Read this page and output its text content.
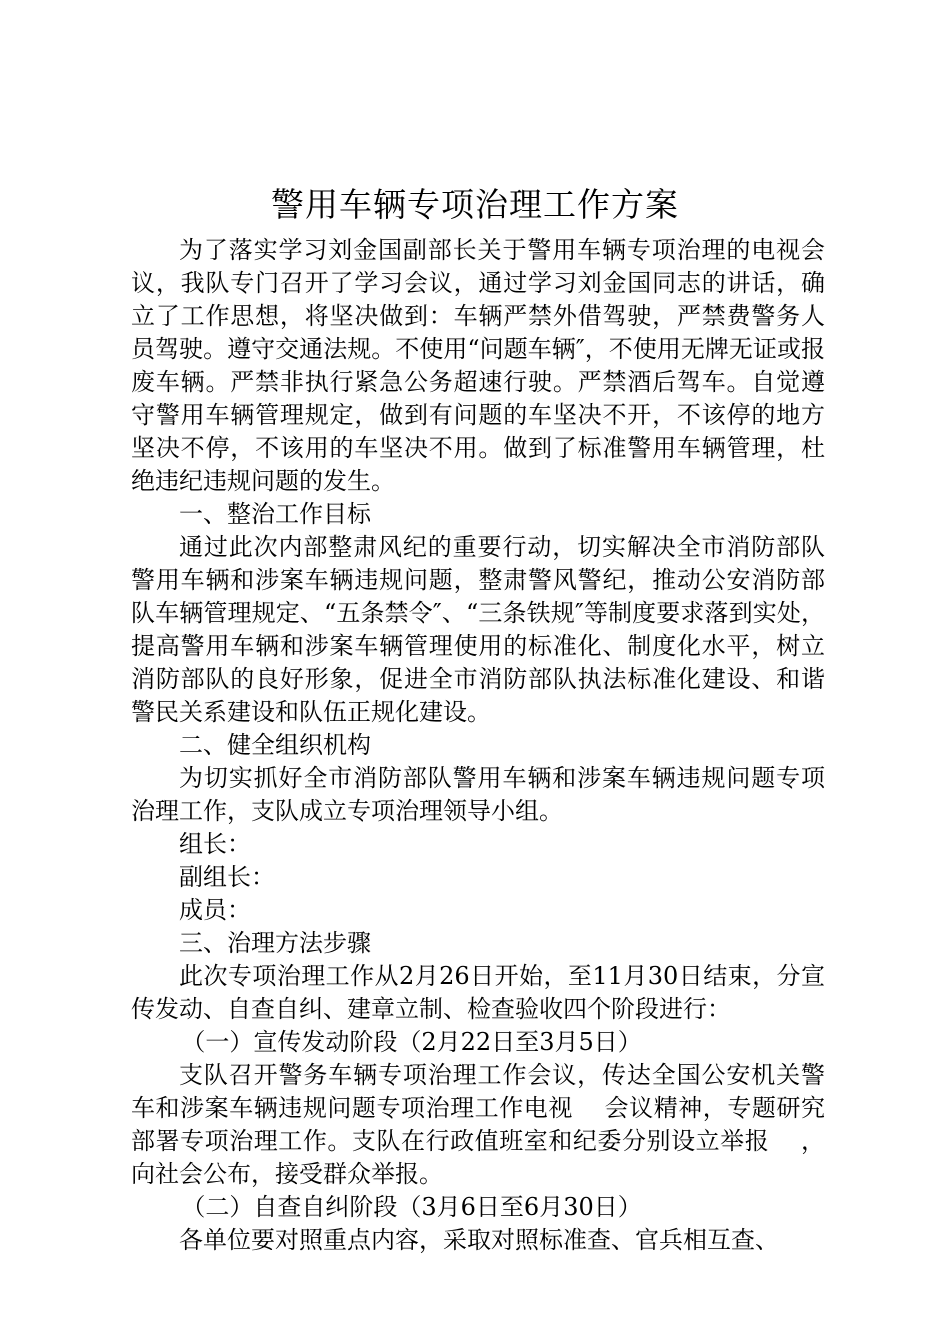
警用车辆专项治理工作方案

为了落实学习刘金国副部长关于警用车辆专项治理的电视会议，我队专门召开了学习会议，通过学习刘金国同志的讲话，确立了工作思想，将坚决做到：车辆严禁外借驾驶，严禁费警务人员驾驶。遵守交通法规。不使用“问题车辆″，不使用无牌无证或报废车辆。严禁非执行紧急公务超速行驶。严禁酒后驾车。自觉遵守警用车辆管理规定，做到有问题的车坚决不开，不该停的地方坚决不停，不该用的车坚决不用。做到了标准警用车辆管理，杜绝违纪违规问题的发生。

一、整治工作目标

通过此次内部整肃风纪的重要行动，切实解决全市消防部队警用车辆和涉案车辆违规问题，整肃警风警纪，推动公安消防部队车辆管理规定、“五条禁令″、“三条铁规″等制度要求落到实处，提高警用车辆和涉案车辆管理使用的标准化、制度化水平，树立消防部队的良好形象，促进全市消防部队执法标准化建设、和谐警民关系建设和队伍正规化建设。

二、健全组织机构

为切实抓好全市消防部队警用车辆和涉案车辆违规问题专项治理工作，支队成立专项治理领导小组。

组长：

副组长：

成员：

三、治理方法步骤

此次专项治理工作从2月26日开始，至11月30日结束，分宣传发动、自查自纠、建章立制、检查验收四个阶段进行：

（一）宣传发动阶段（2月22日至3月5日）

支队召开警务车辆专项治理工作会议，传达全国公安机关警车和涉案车辆违规问题专项治理工作电视 会议精神，专题研究部署专项治理工作。支队在行政值班室和纪委分别设立举报 ，向社会公布，接受群众举报。

（二）自查自纠阶段（3月6日至6月30日）

各单位要对照重点内容，采取对照标准查、官兵相互查、
